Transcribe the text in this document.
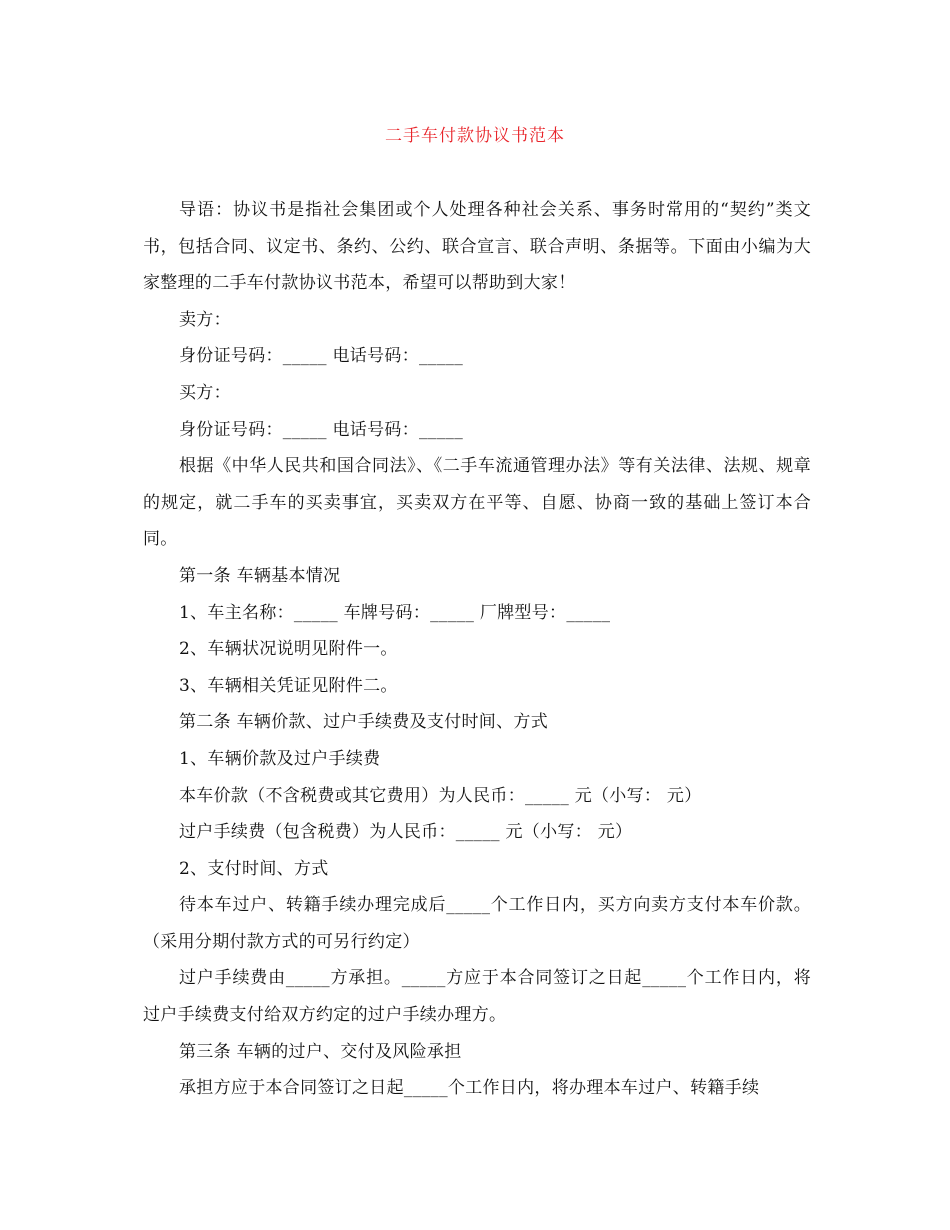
二手车付款协议书范本

导语：协议书是指社会集团或个人处理各种社会关系、事务时常用的“契约”类文书，包括合同、议定书、条约、公约、联合宣言、联合声明、条据等。下面由小编为大家整理的二手车付款协议书范本，希望可以帮助到大家！

卖方：

身份证号码：_____ 电话号码：_____

买方：

身份证号码：_____ 电话号码：_____

根据《中华人民共和国合同法》、《二手车流通管理办法》等有关法律、法规、规章的规定，就二手车的买卖事宜，买卖双方在平等、自愿、协商一致的基础上签订本合同。

第一条 车辆基本情况

1、车主名称：_____ 车牌号码：_____ 厂牌型号：_____

2、车辆状况说明见附件一。

3、车辆相关凭证见附件二。

第二条 车辆价款、过户手续费及支付时间、方式

1、车辆价款及过户手续费

本车价款（不含税费或其它费用）为人民币：_____ 元（小写： 元）

过户手续费（包含税费）为人民币：_____ 元（小写： 元）

2、支付时间、方式

待本车过户、转籍手续办理完成后_____个工作日内，买方向卖方支付本车价款。（采用分期付款方式的可另行约定）

过户手续费由_____方承担。_____方应于本合同签订之日起_____个工作日内，将过户手续费支付给双方约定的过户手续办理方。

第三条 车辆的过户、交付及风险承担

承担方应于本合同签订之日起_____个工作日内，将办理本车过户、转籍手续
